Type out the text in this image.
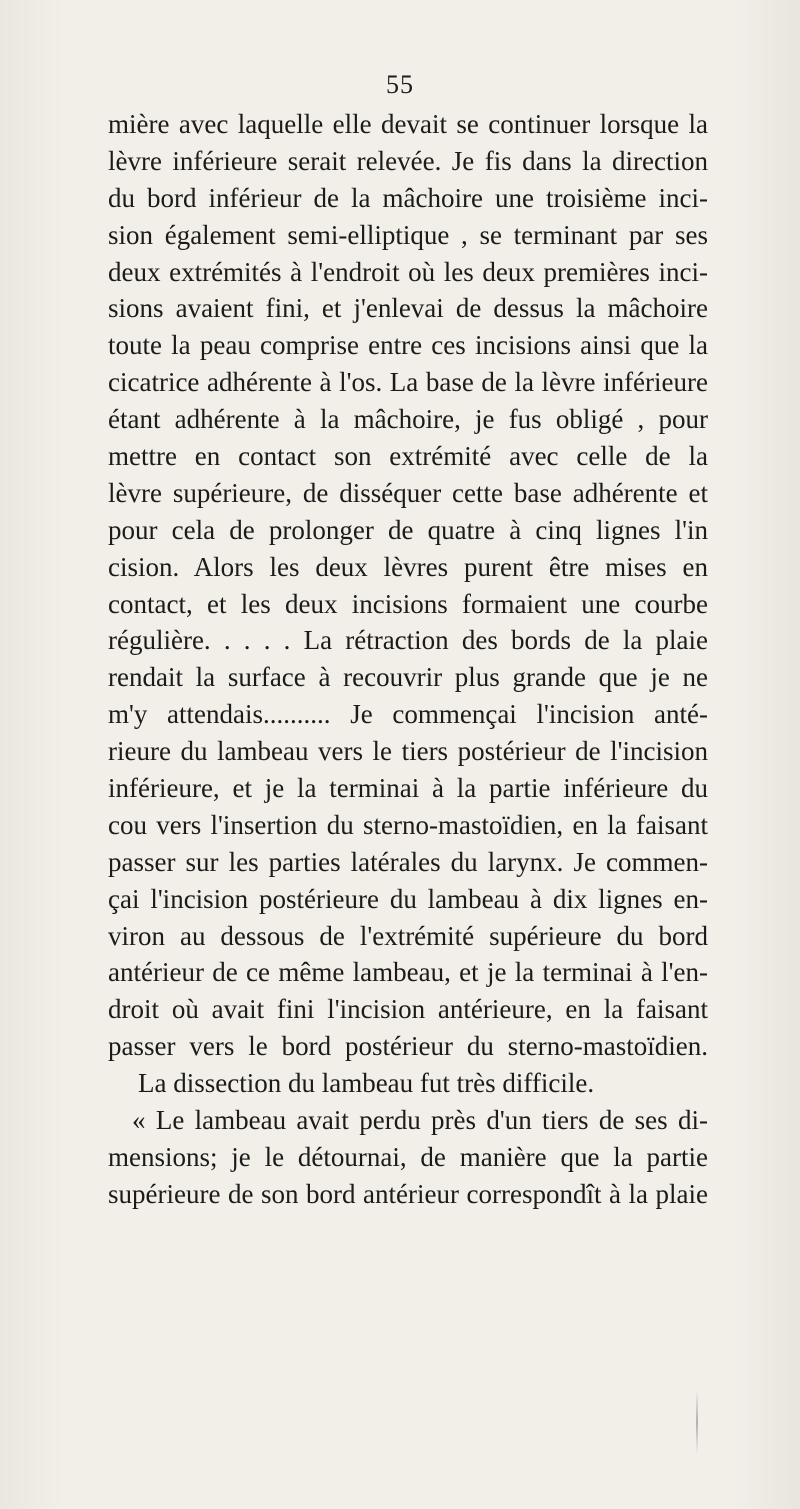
55
mière avec laquelle elle devait se continuer lorsque la
lèvre inférieure serait relevée. Je fis dans la direction
du bord inférieur de la mâchoire une troisième inci-
sion également semi-elliptique , se terminant par ses
deux extrémités à l'endroit où les deux premières inci-
sions avaient fini, et j'enlevai de dessus la mâchoire
toute la peau comprise entre ces incisions ainsi que la
cicatrice adhérente à l'os. La base de la lèvre inférieure
étant adhérente à la mâchoire, je fus obligé , pour
mettre en contact son extrémité avec celle de la
lèvre supérieure, de disséquer cette base adhérente et
pour cela de prolonger de quatre à cinq lignes l'in
cision. Alors les deux lèvres purent être mises en
contact, et les deux incisions formaient une courbe
régulière. . . . . La rétraction des bords de la plaie
rendait la surface à recouvrir plus grande que je ne
m'y attendais.......... Je commençai l'incision anté-
rieure du lambeau vers le tiers postérieur de l'incision
inférieure, et je la terminai à la partie inférieure du
cou vers l'insertion du sterno-mastoïdien, en la faisant
passer sur les parties latérales du larynx. Je commen-
çai l'incision postérieure du lambeau à dix lignes en-
viron au dessous de l'extrémité supérieure du bord
antérieur de ce même lambeau, et je la terminai à l'en-
droit où avait fini l'incision antérieure, en la faisant
passer vers le bord postérieur du sterno-mastoïdien.
La dissection du lambeau fut très difficile.
« Le lambeau avait perdu près d'un tiers de ses di-
mensions; je le détournai, de manière que la partie
supérieure de son bord antérieur correspondît à la plaie
